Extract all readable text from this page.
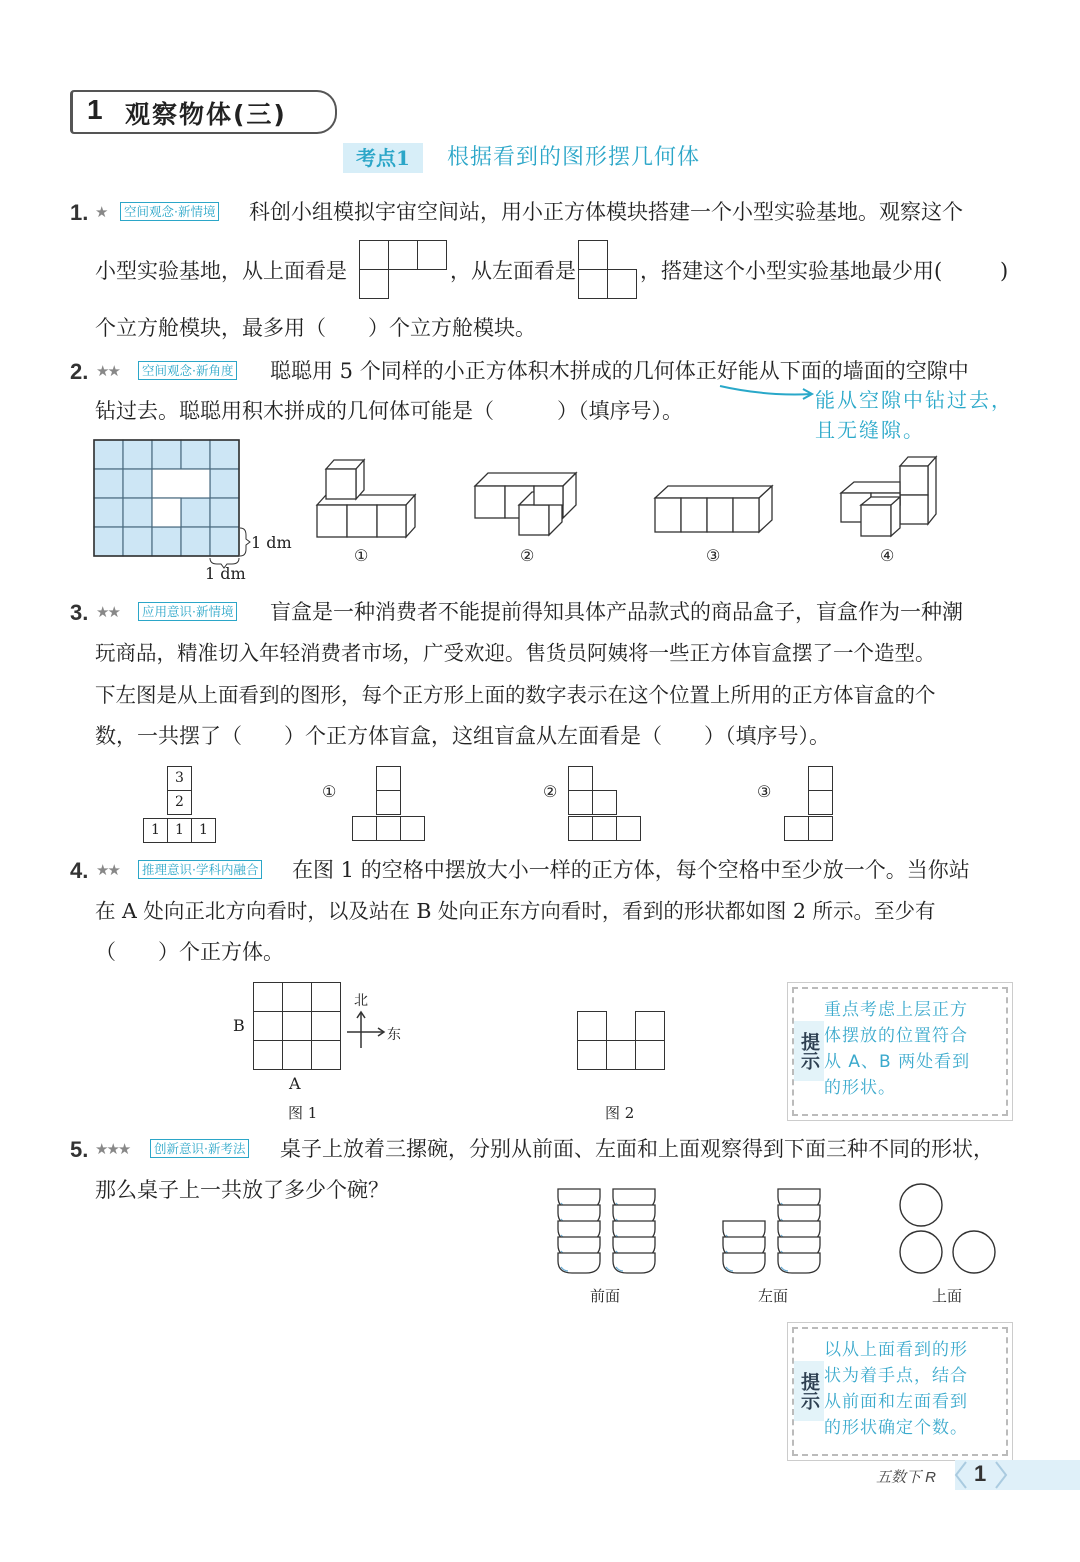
1 观察物体(三)
考点1	根据看到的图形摆几何体
1. ★	空间观念·新情境 科创小组模拟宇宙空间站，用小正方体模块搭建一个小型实验基地。观察这个
小型实验基地，从上面看是	，从左面看是	，搭建这个小型实验基地最少用(	)
个立方舱模块，最多用（　　）个立方舱模块。
2. ★★	空间观念·新角度 聪聪用 5 个同样的小正方体积木拼成的几何体正好能从下面的墙面的空隙中
钻过去。聪聪用积木拼成的几何体可能是（　　　）（填序号）。	能从空隙中钻过去，
且无缝隙。
1 dm
1 dm
①	②	③	④
3. ★★	应用意识·新情境 盲盒是一种消费者不能提前得知具体产品款式的商品盒子，盲盒作为一种潮
玩商品，精准切入年轻消费者市场，广受欢迎。售货员阿姨将一些正方体盲盒摆了一个造型。
下左图是从上面看到的图形，每个正方形上面的数字表示在这个位置上所用的正方体盲盒的个
数，一共摆了（　　）个正方体盲盒，这组盲盒从左面看是（　　）（填序号）。
3
2
1	1	1
①	②	③
4. ★★	推理意识·学科内融合 在图 1 的空格中摆放大小一样的正方体，每个空格中至少放一个。当你站
在 A 处向正北方向看时，以及站在 B 处向正东方向看时，看到的形状都如图 2 所示。至少有
（　　）个正方体。
B
A
北
东
图 1	图 2
提示
重点考虑上层正方
体摆放的位置符合
从 A、B 两处看到
的形状。
5. ★★★	创新意识·新考法 桌子上放着三摞碗，分别从前面、左面和上面观察得到下面三种不同的形状，
那么桌子上一共放了多少个碗？
前面	左面	上面
提示
以从上面看到的形
状为着手点，结合
从前面和左面看到
的形状确定个数。
五数下 R 1
